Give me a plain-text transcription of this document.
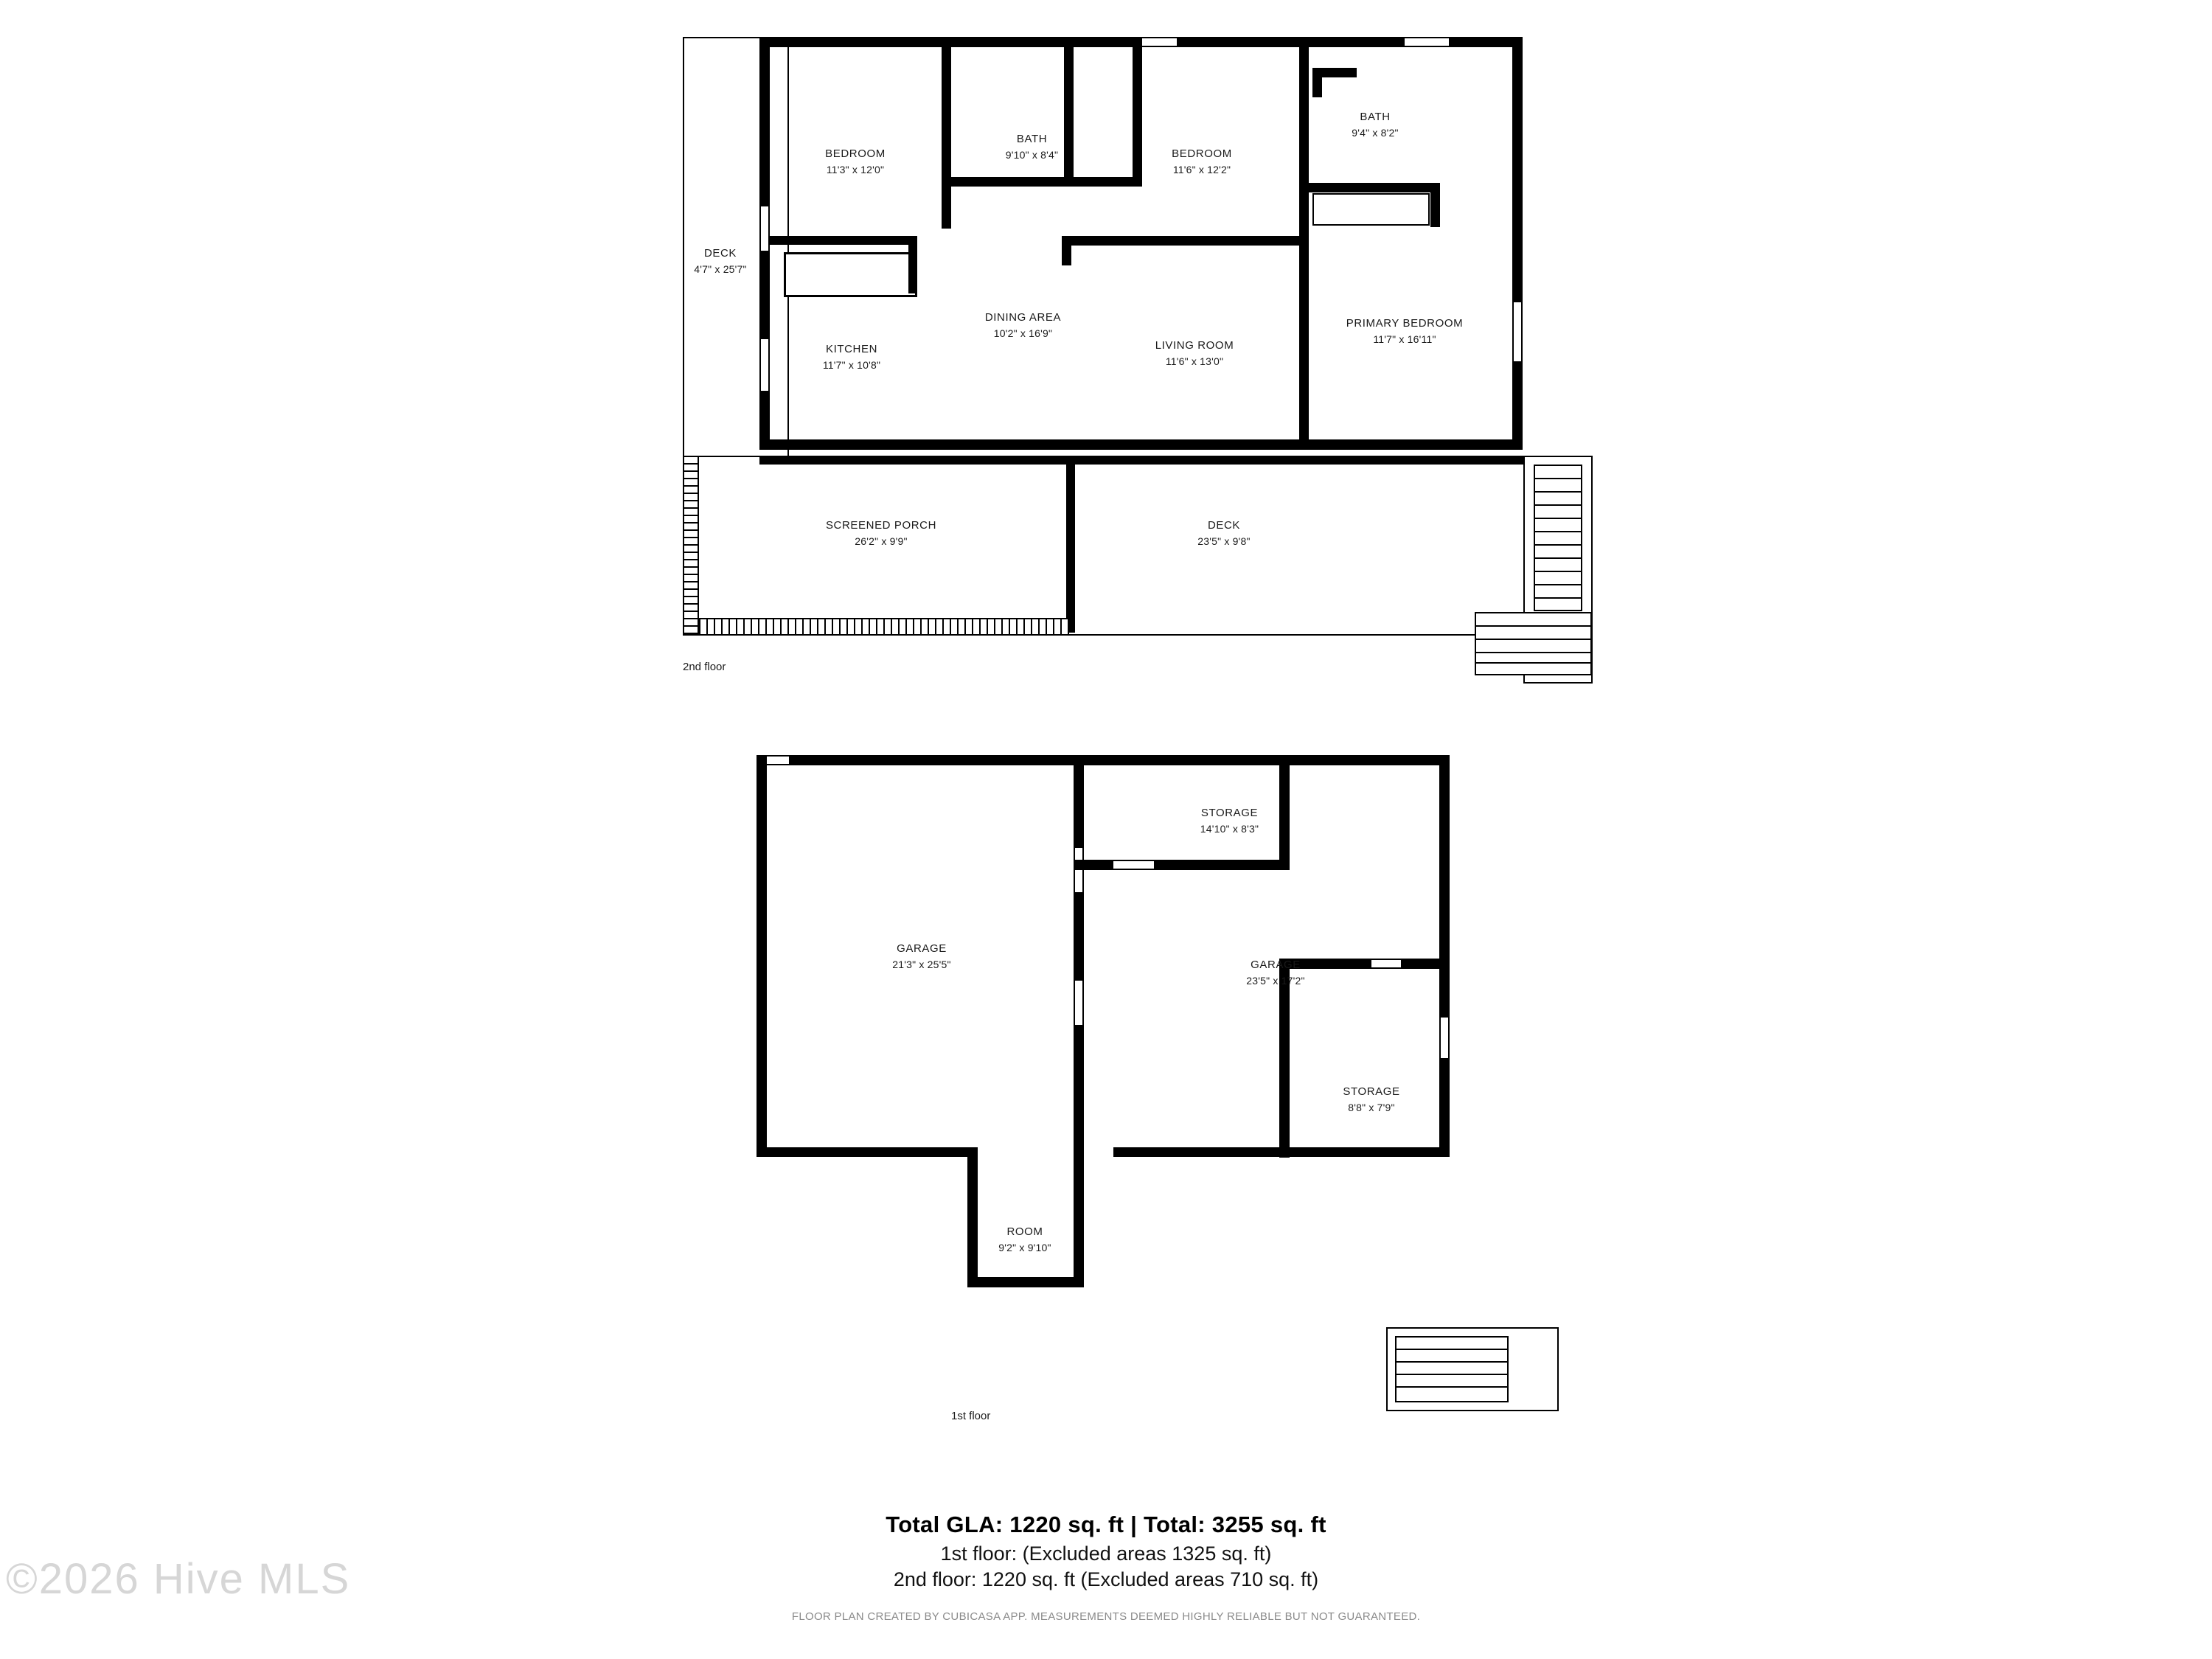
BEDROOM
11'3" x 12'0"
BATH
9'10" x 8'4"	BEDROOM
11'6" x 12'2"
BATH
9'4" x 8'2"
DECK
4'7" x 25'7"
KITCHEN
11'7" x 10'8"
DINING AREA
10'2" x 16'9"
LIVING ROOM
11'6" x 13'0"
PRIMARY BEDROOM
11'7" x 16'11"
SCREENED PORCH
26'2" x 9'9"
DECK
23'5" x 9'8"
2nd floor
STORAGE
14'10" x 8'3"
GARAGE
21'3" x 25'5"	GARAGE
23'5" x 17'2"
STORAGE
8'8" x 7'9"
ROOM
9'2" x 9'10"
1st floor
Total GLA: 1220 sq. ft | Total: 3255 sq. ft
1st floor: (Excluded areas 1325 sq. ft)
2nd floor: 1220 sq. ft (Excluded areas 710 sq. ft)
FLOOR PLAN CREATED BY CUBICASA APP. MEASUREMENTS DEEMED HIGHLY RELIABLE BUT NOT GUARANTEED.
©2026 Hive MLS
